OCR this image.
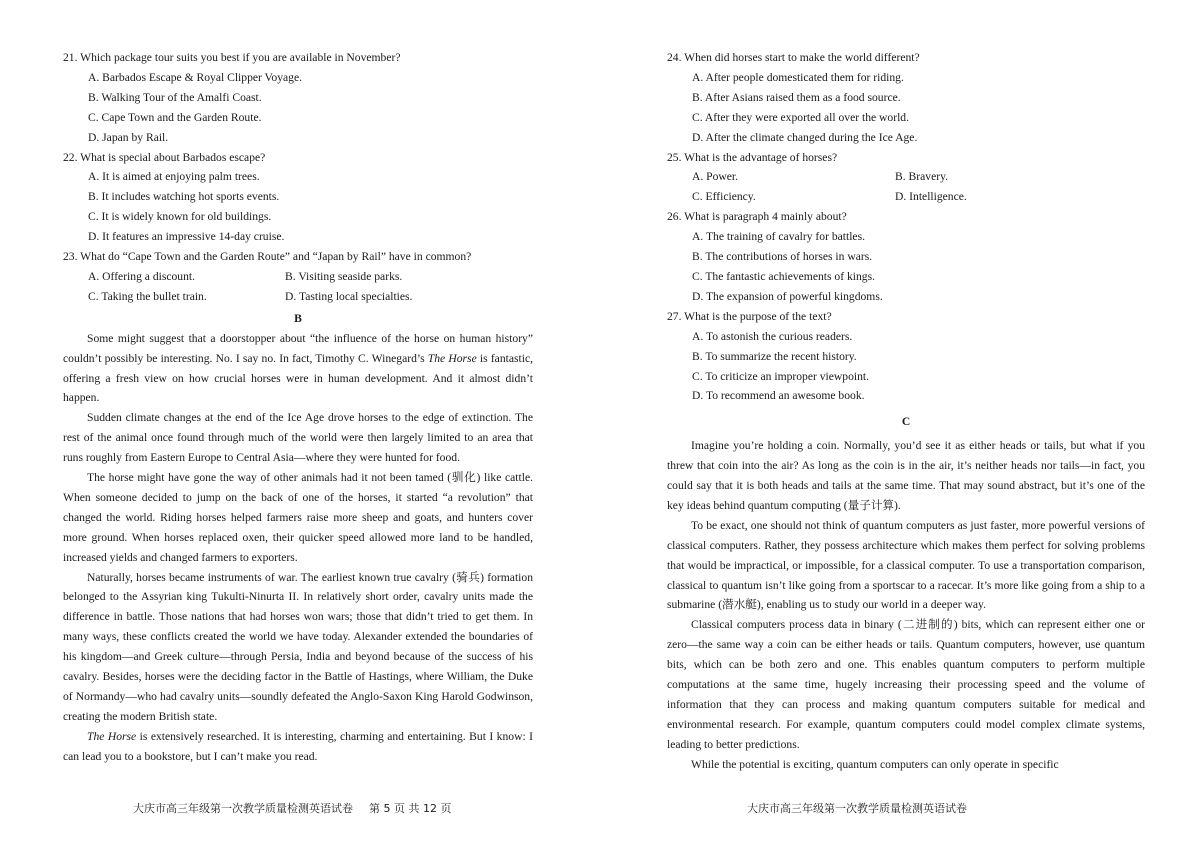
21. Which package tour suits you best if you are available in November?

A. Barbados Escape & Royal Clipper Voyage.

B. Walking Tour of the Amalfi Coast.

C. Cape Town and the Garden Route.

D. Japan by Rail.

22. What is special about Barbados escape?

A. It is aimed at enjoying palm trees.

B. It includes watching hot sports events.

C. It is widely known for old buildings.

D. It features an impressive 14-day cruise.

23. What do “Cape Town and the Garden Route” and “Japan by Rail” have in common?

A. Offering a discount.	B. Visiting seaside parks.
C. Taking the bullet train.	D. Tasting local specialties.

B

Some might suggest that a doorstopper about “the influence of the horse on human history” couldn’t possibly be interesting. No. I say no. In fact, Timothy C. Winegard’s The Horse is fantastic, offering a fresh view on how crucial horses were in human development. And it almost didn’t happen.

Sudden climate changes at the end of the Ice Age drove horses to the edge of extinction. The rest of the animal once found through much of the world were then largely limited to an area that runs roughly from Eastern Europe to Central Asia—where they were hunted for food.

The horse might have gone the way of other animals had it not been tamed (驯化) like cattle. When someone decided to jump on the back of one of the horses, it started “a revolution” that changed the world. Riding horses helped farmers raise more sheep and goats, and hunters cover more ground. When horses replaced oxen, their quicker speed allowed more land to be handled, increased yields and changed farmers to exporters.

Naturally, horses became instruments of war. The earliest known true cavalry (骑兵) formation belonged to the Assyrian king Tukulti-Ninurta II. In relatively short order, cavalry units made the difference in battle. Those nations that had horses won wars; those that didn’t tried to get them. In many ways, these conflicts created the world we have today. Alexander extended the boundaries of his kingdom—and Greek culture—through Persia, India and beyond because of the success of his cavalry. Besides, horses were the deciding factor in the Battle of Hastings, where William, the Duke of Normandy—who had cavalry units—soundly defeated the Anglo-Saxon King Harold Godwinson, creating the modern British state.

The Horse is extensively researched. It is interesting, charming and entertaining. But I know: I can lead you to a bookstore, but I can’t make you read.

大庆市高三年级第一次教学质量检测英语试卷 第 5 页 共 12 页

24. When did horses start to make the world different?

A. After people domesticated them for riding.

B. After Asians raised them as a food source.

C. After they were exported all over the world.

D. After the climate changed during the Ice Age.

25. What is the advantage of horses?

A. Power.	B. Bravery.
C. Efficiency.	D. Intelligence.

26. What is paragraph 4 mainly about?

A. The training of cavalry for battles.

B. The contributions of horses in wars.

C. The fantastic achievements of kings.

D. The expansion of powerful kingdoms.

27. What is the purpose of the text?

A. To astonish the curious readers.

B. To summarize the recent history.

C. To criticize an improper viewpoint.

D. To recommend an awesome book.

C

Imagine you’re holding a coin. Normally, you’d see it as either heads or tails, but what if you threw that coin into the air? As long as the coin is in the air, it’s neither heads nor tails—in fact, you could say that it is both heads and tails at the same time. That may sound abstract, but it’s one of the key ideas behind quantum computing (量子计算).

To be exact, one should not think of quantum computers as just faster, more powerful versions of classical computers. Rather, they possess architecture which makes them perfect for solving problems that would be impractical, or impossible, for a classical computer. To use a transportation comparison, classical to quantum isn’t like going from a sportscar to a racecar. It’s more like going from a ship to a submarine (潜水艇), enabling us to study our world in a deeper way.

Classical computers process data in binary (二进制的) bits, which can represent either one or zero—the same way a coin can be either heads or tails. Quantum computers, however, use quantum bits, which can be both zero and one. This enables quantum computers to perform multiple computations at the same time, hugely increasing their processing speed and the volume of information that they can process and making quantum computers suitable for medical and environmental research. For example, quantum computers could model complex climate systems, leading to better predictions.

While the potential is exciting, quantum computers can only operate in specific

大庆市高三年级第一次教学质量检测英语试卷
